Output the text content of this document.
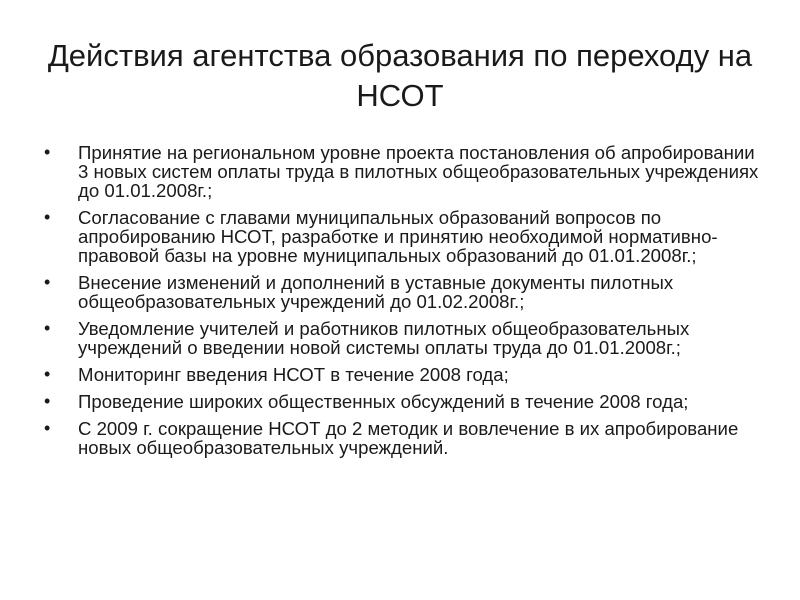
Действия агентства образования по переходу на НСОТ
•	Принятие на региональном уровне проекта постановления об апробировании 3 новых систем оплаты труда в пилотных общеобразовательных учреждениях до 01.01.2008г.;
•	Согласование с главами муниципальных образований вопросов по апробированию НСОТ, разработке и принятию необходимой нормативно-правовой базы на уровне муниципальных образований до 01.01.2008г.;
•	Внесение изменений и дополнений в уставные документы пилотных общеобразовательных учреждений до 01.02.2008г.;
•	Уведомление учителей и работников пилотных общеобразовательных учреждений о введении новой системы оплаты труда до 01.01.2008г.;
•	Мониторинг введения НСОТ в течение 2008 года;
•	Проведение широких общественных обсуждений в течение 2008 года;
•	С 2009 г. сокращение НСОТ до 2 методик и вовлечение в их апробирование новых общеобразовательных учреждений.
